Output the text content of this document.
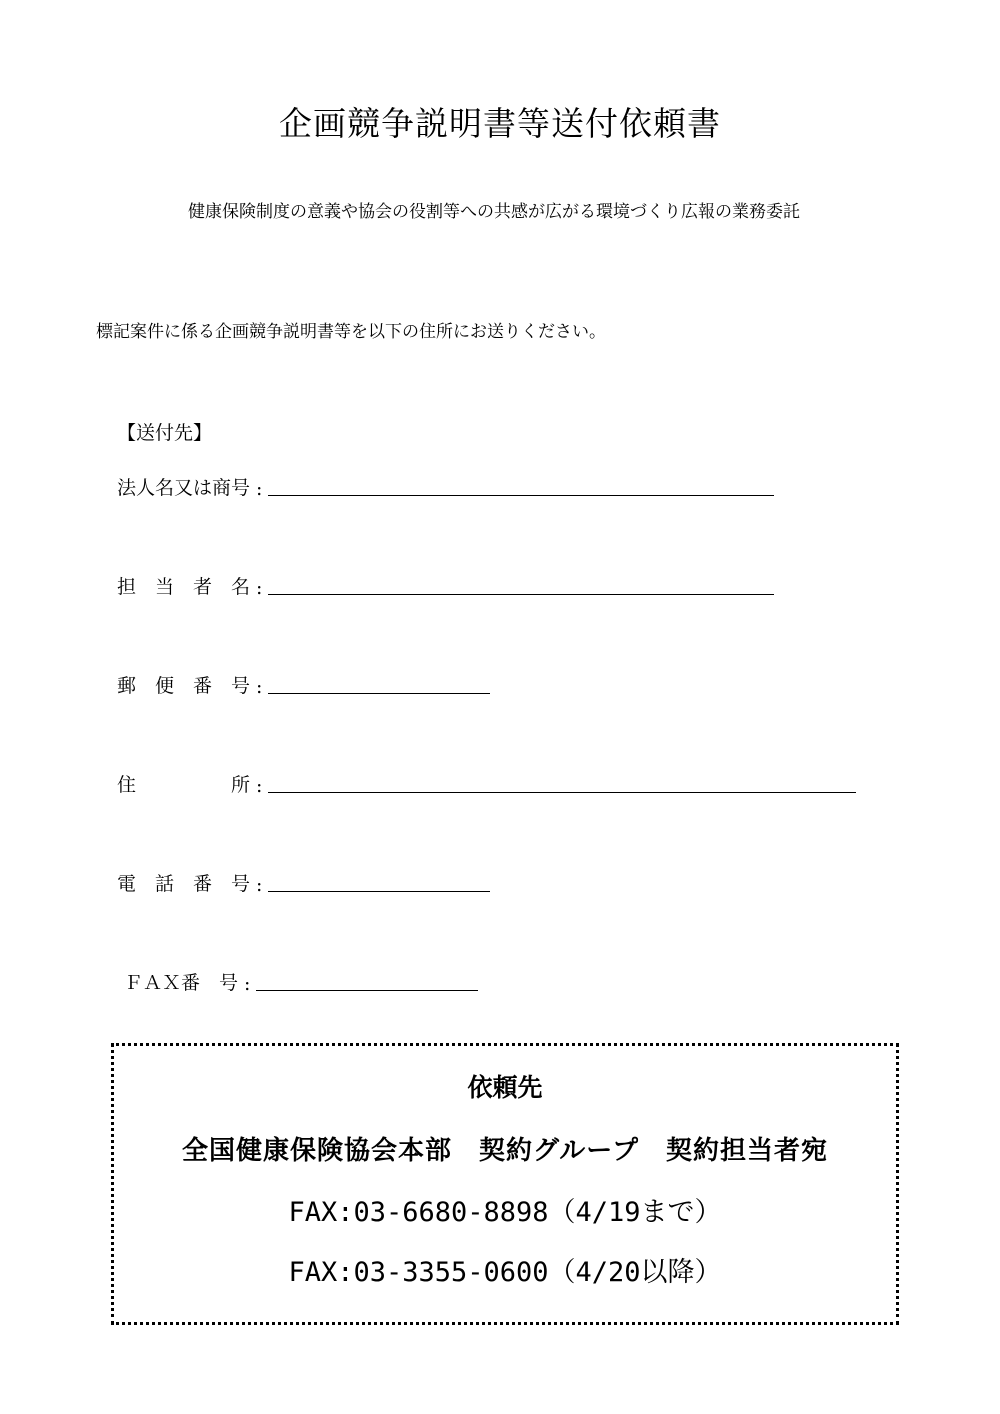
企画競争説明書等送付依頼書
健康保険制度の意義や協会の役割等への共感が広がる環境づくり広報の業務委託
標記案件に係る企画競争説明書等を以下の住所にお送りください。
【送付先】
法人名又は商号 :
担　当　者　名 :
郵　便　番　号 :
住　　　　　所 :
電　話　番　号 :
ＦＡＸ番　号 :
依頼先
全国健康保険協会本部　契約グループ　契約担当者宛
FAX:03-6680-8898（4/19まで）
FAX:03-3355-0600（4/20以降）
